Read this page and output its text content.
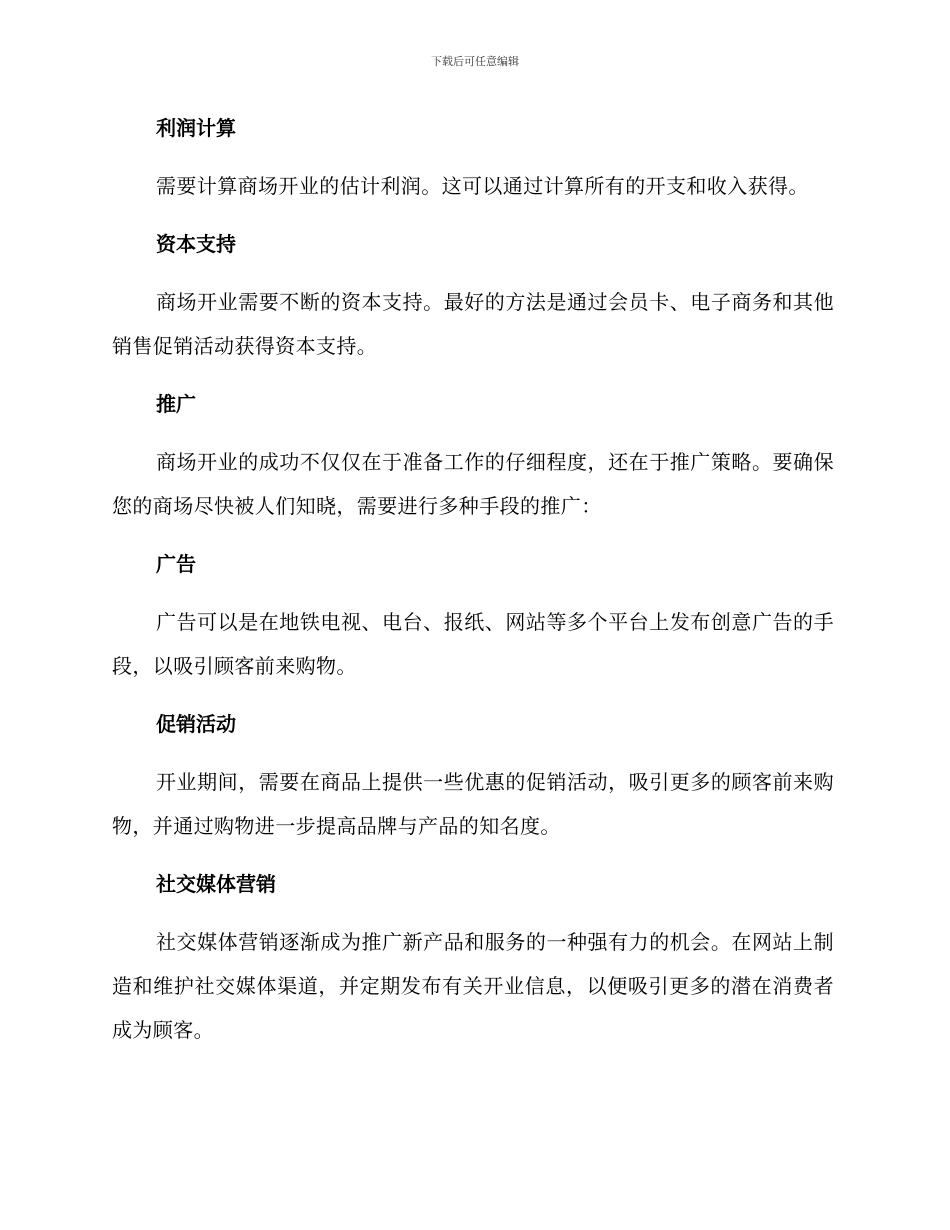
下载后可任意编辑
利润计算

需要计算商场开业的估计利润。这可以通过计算所有的开支和收入获得。

资本支持

商场开业需要不断的资本支持。最好的方法是通过会员卡、电子商务和其他销售促销活动获得资本支持。

推广

商场开业的成功不仅仅在于准备工作的仔细程度，还在于推广策略。要确保您的商场尽快被人们知晓，需要进行多种手段的推广：

广告

广告可以是在地铁电视、电台、报纸、网站等多个平台上发布创意广告的手段，以吸引顾客前来购物。

促销活动

开业期间，需要在商品上提供一些优惠的促销活动，吸引更多的顾客前来购物，并通过购物进一步提高品牌与产品的知名度。

社交媒体营销

社交媒体营销逐渐成为推广新产品和服务的一种强有力的机会。在网站上制造和维护社交媒体渠道，并定期发布有关开业信息，以便吸引更多的潜在消费者成为顾客。
